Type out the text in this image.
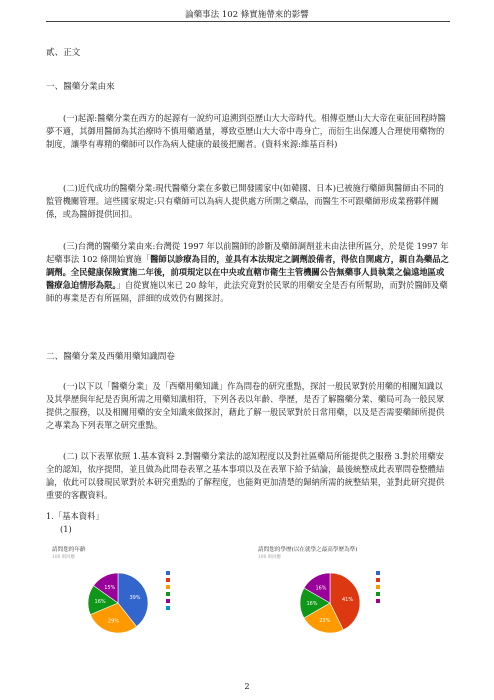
論藥事法 102 條實施帶來的影響
貳、正文
一、醫藥分業由來
(一)起源:醫藥分業在西方的起源有一說約可追溯到亞歷山大大帝時代。相傳亞歷山大大帝在東征回程時醫夢不適，其御用醫師為其治療時不慎用藥過量，導致亞歷山大大帝中毒身亡，而衍生出保護人合理使用藥物的制度，讓學有專精的藥師可以作為病人健康的最後把關者。(資料來源:維基百科)
(二)近代成功的醫藥分業:現代醫藥分業在多數已開發國家中(如韓國、日本)已被施行藥師與醫師由不同的監管機關管理。這些國家規定:只有藥師可以為病人提供處方所開之藥品，而醫生不可跟藥師形成業務夥伴關係，或為醫師提供回扣。
(三)台灣的醫藥分業由來:台灣從 1997 年以前醫師的診斷及藥師調劑並未由法律所區分，於是從 1997 年起藥事法 102 條開始實施「醫師以診療為目的，並具有本法規定之調劑設備者，得依自開處方，親自為藥品之調劑。全民健康保險實施二年後，前項規定以在中央或直轄市衛生主管機關公告無藥事人員執業之偏遠地區或醫療急迫情形為限。」自從實施以來已 20 餘年，此法究竟對於民眾的用藥安全是否有所幫助，而對於醫師及藥師的專業是否有所區隔，詳細的成效仍有關探討。
二、醫藥分業及西藥用藥知識問卷
(一)以下以「醫藥分業」及「西藥用藥知識」作為問卷的研究重點，探討一般民眾對於用藥的相關知識以及其學歷與年紀是否與所需之用藥知識相符，下列各表以年齡、學歷，是否了解醫藥分業、藥局可為一般民眾提供之服務，以及相關用藥的安全知識來做探討，藉此了解一般民眾對於日常用藥，以及是否需要藥師所提供之專業為下列表單之研究重點。
(二) 以下表單依照 1.基本資料 2.對醫藥分業法的認知程度以及對社區藥局所能提供之服務 3.對於用藥安全的認知，依序提問，並且做為此問卷表單之基本事項以及在表單下給予結論，最後統整成此表單問卷整體結論，依此可以發現民眾對於本研究重點的了解程度，也能夠更加清楚的歸納所需的統整結果，並對此研究提供重要的客觀資料。
1.「基本資料」
(1)
請問您的年齡
100 則回應
39%
29%
16%
15%
請問您的學歷(以在就學之最高學歷為準)
100 則回應
41%
23%
16%
16%
2
